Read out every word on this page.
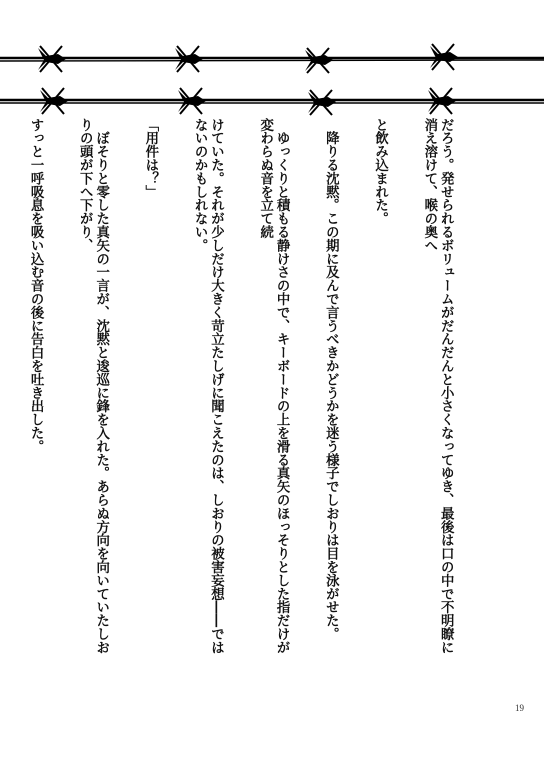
だろう。発せられるボリュームがだんだんと小さくなってゆき、最後は口の中で不明瞭に消え溶けて、喉の奥へ

と飲み込まれた。

　降りる沈黙。この期に及んで言うべきかどうかを迷う様子でしおりは目を泳がせた。

　ゆっくりと積もる静けさの中で、キーボードの上を滑る真矢のほっそりとした指だけが変わらぬ音を立て続

けていた。それが少しだけ大きく苛立たしげに聞こえたのは、しおりの被害妄想――ではないのかもしれない。

「用件は？」

　ぼそりと零した真矢の一言が、沈黙と逡巡に鋒を入れた。あらぬ方向を向いていたしおりの頭が下へ下がり、

すっと一呼吸息を吸い込む音の後に告白を吐き出した。

19
